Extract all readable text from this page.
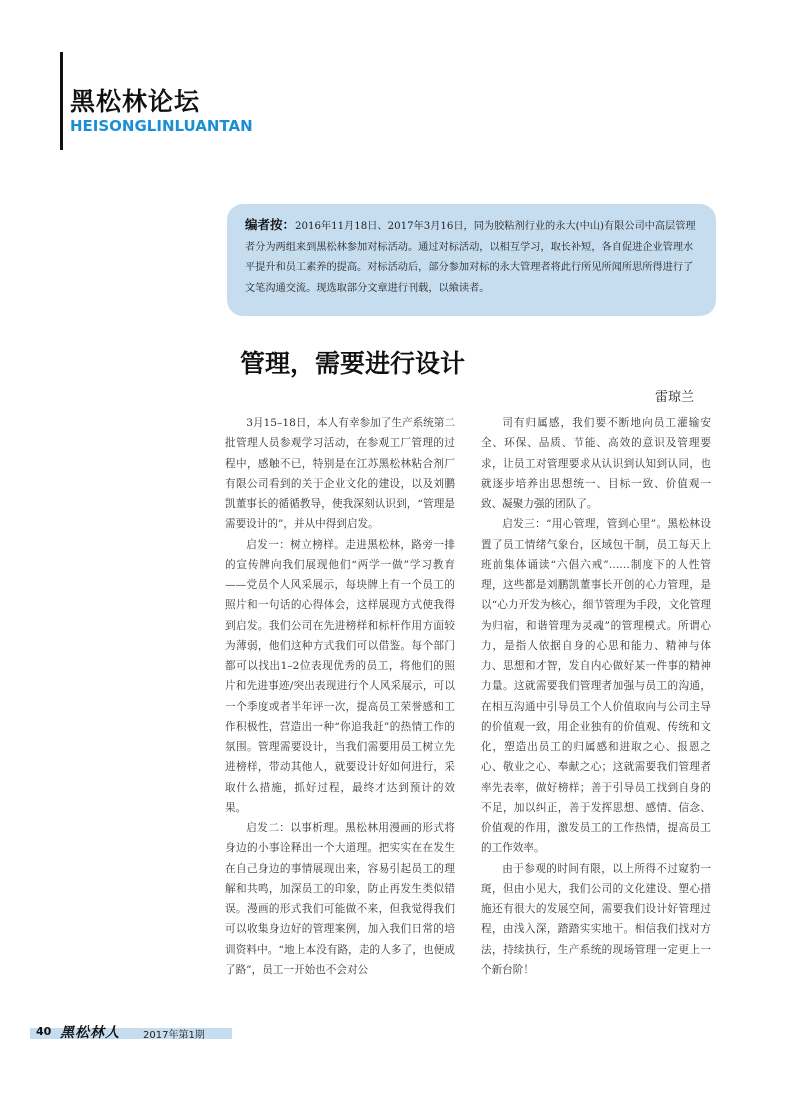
黑松林论坛
HEISONGLINLUANTAN
编者按：2016年11月18日、2017年3月16日，同为胶粘剂行业的永大(中山)有限公司中高层管理者分为两组来到黑松林参加对标活动。通过对标活动，以相互学习，取长补短，各自促进企业管理水平提升和员工素养的提高。对标活动后，部分参加对标的永大管理者将此行所见所闻所思所得进行了文笔沟通交流。现选取部分文章进行刊载，以飨读者。
管理，需要进行设计
雷琼兰

3月15–18日，本人有幸参加了生产系统第二批管理人员参观学习活动，在参观工厂管理的过程中，感触不已，特别是在江苏黑松林粘合剂厂有限公司看到的关于企业文化的建设，以及刘鹏凯董事长的循循教导，使我深刻认识到，“管理是需要设计的”，并从中得到启发。

启发一：树立榜样。走进黑松林，路旁一排的宣传牌向我们展现他们“两学一做”学习教育——党员个人风采展示，每块牌上有一个员工的照片和一句话的心得体会，这样展现方式使我得到启发。我们公司在先进榜样和标杆作用方面较为薄弱，他们这种方式我们可以借鉴。每个部门都可以找出1–2位表现优秀的员工，将他们的照片和先进事迹/突出表现进行个人风采展示，可以一个季度或者半年评一次，提高员工荣誉感和工作积极性，营造出一种“你追我赶”的热情工作的氛围。管理需要设计，当我们需要用员工树立先进榜样，带动其他人，就要设计好如何进行，采取什么措施，抓好过程，最终才达到预计的效果。

启发二：以事析理。黑松林用漫画的形式将身边的小事诠释出一个大道理。把实实在在发生在自己身边的事情展现出来，容易引起员工的理解和共鸣，加深员工的印象，防止再发生类似错误。漫画的形式我们可能做不来，但我觉得我们可以收集身边好的管理案例，加入我们日常的培训资料中。“地上本没有路，走的人多了，也便成了路”，员工一开始也不会对公

司有归属感，我们要不断地向员工灌输安全、环保、品质、节能、高效的意识及管理要求，让员工对管理要求从认识到认知到认同，也就逐步培养出思想统一、目标一致、价值观一致、凝聚力强的团队了。

启发三：“用心管理，管到心里”。黑松林设置了员工情绪气象台，区域包干制，员工每天上班前集体诵读“六倡六戒”……制度下的人性管理，这些都是刘鹏凯董事长开创的心力管理，是以“心力开发为核心，细节管理为手段，文化管理为归宿，和谐管理为灵魂”的管理模式。所谓心力，是指人依据自身的心思和能力、精神与体力、思想和才智，发自内心做好某一件事的精神力量。这就需要我们管理者加强与员工的沟通，在相互沟通中引导员工个人价值取向与公司主导的价值观一致，用企业独有的价值观、传统和文化，塑造出员工的归属感和进取之心、报恩之心、敬业之心、奉献之心；这就需要我们管理者率先表率，做好榜样；善于引导员工找到自身的不足，加以纠正，善于发挥思想、感情、信念、价值观的作用，激发员工的工作热情，提高员工的工作效率。

由于参观的时间有限，以上所得不过窥豹一斑，但由小见大，我们公司的文化建设、塑心措施还有很大的发展空间，需要我们设计好管理过程，由浅入深，踏踏实实地干。相信我们找对方法，持续执行，生产系统的现场管理一定更上一个新台阶！

40 黑松林人 2017年第1期
